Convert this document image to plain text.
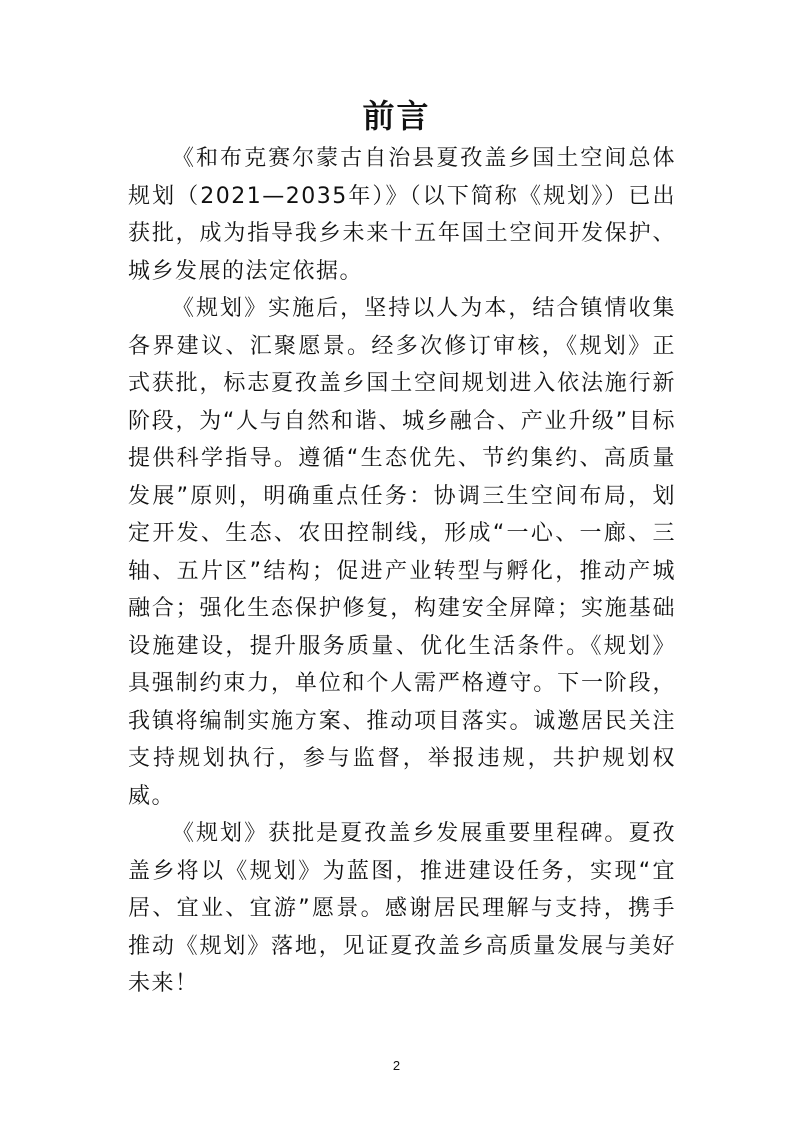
前言

《和布克赛尔蒙古自治县夏孜盖乡国土空间总体规划（2021—2035年）》（以下简称《规划》）已出获批，成为指导我乡未来十五年国土空间开发保护、城乡发展的法定依据。

《规划》实施后，坚持以人为本，结合镇情收集各界建议、汇聚愿景。经多次修订审核，《规划》正式获批，标志夏孜盖乡国土空间规划进入依法施行新阶段，为“人与自然和谐、城乡融合、产业升级”目标提供科学指导。遵循“生态优先、节约集约、高质量发展”原则，明确重点任务：协调三生空间布局，划定开发、生态、农田控制线，形成“一心、一廊、三轴、五片区”结构；促进产业转型与孵化，推动产城融合；强化生态保护修复，构建安全屏障；实施基础设施建设，提升服务质量、优化生活条件。《规划》具强制约束力，单位和个人需严格遵守。下一阶段，我镇将编制实施方案、推动项目落实。诚邀居民关注支持规划执行，参与监督，举报违规，共护规划权威。

《规划》获批是夏孜盖乡发展重要里程碑。夏孜盖乡将以《规划》为蓝图，推进建设任务，实现“宜居、宜业、宜游”愿景。感谢居民理解与支持，携手推动《规划》落地，见证夏孜盖乡高质量发展与美好未来！

2
